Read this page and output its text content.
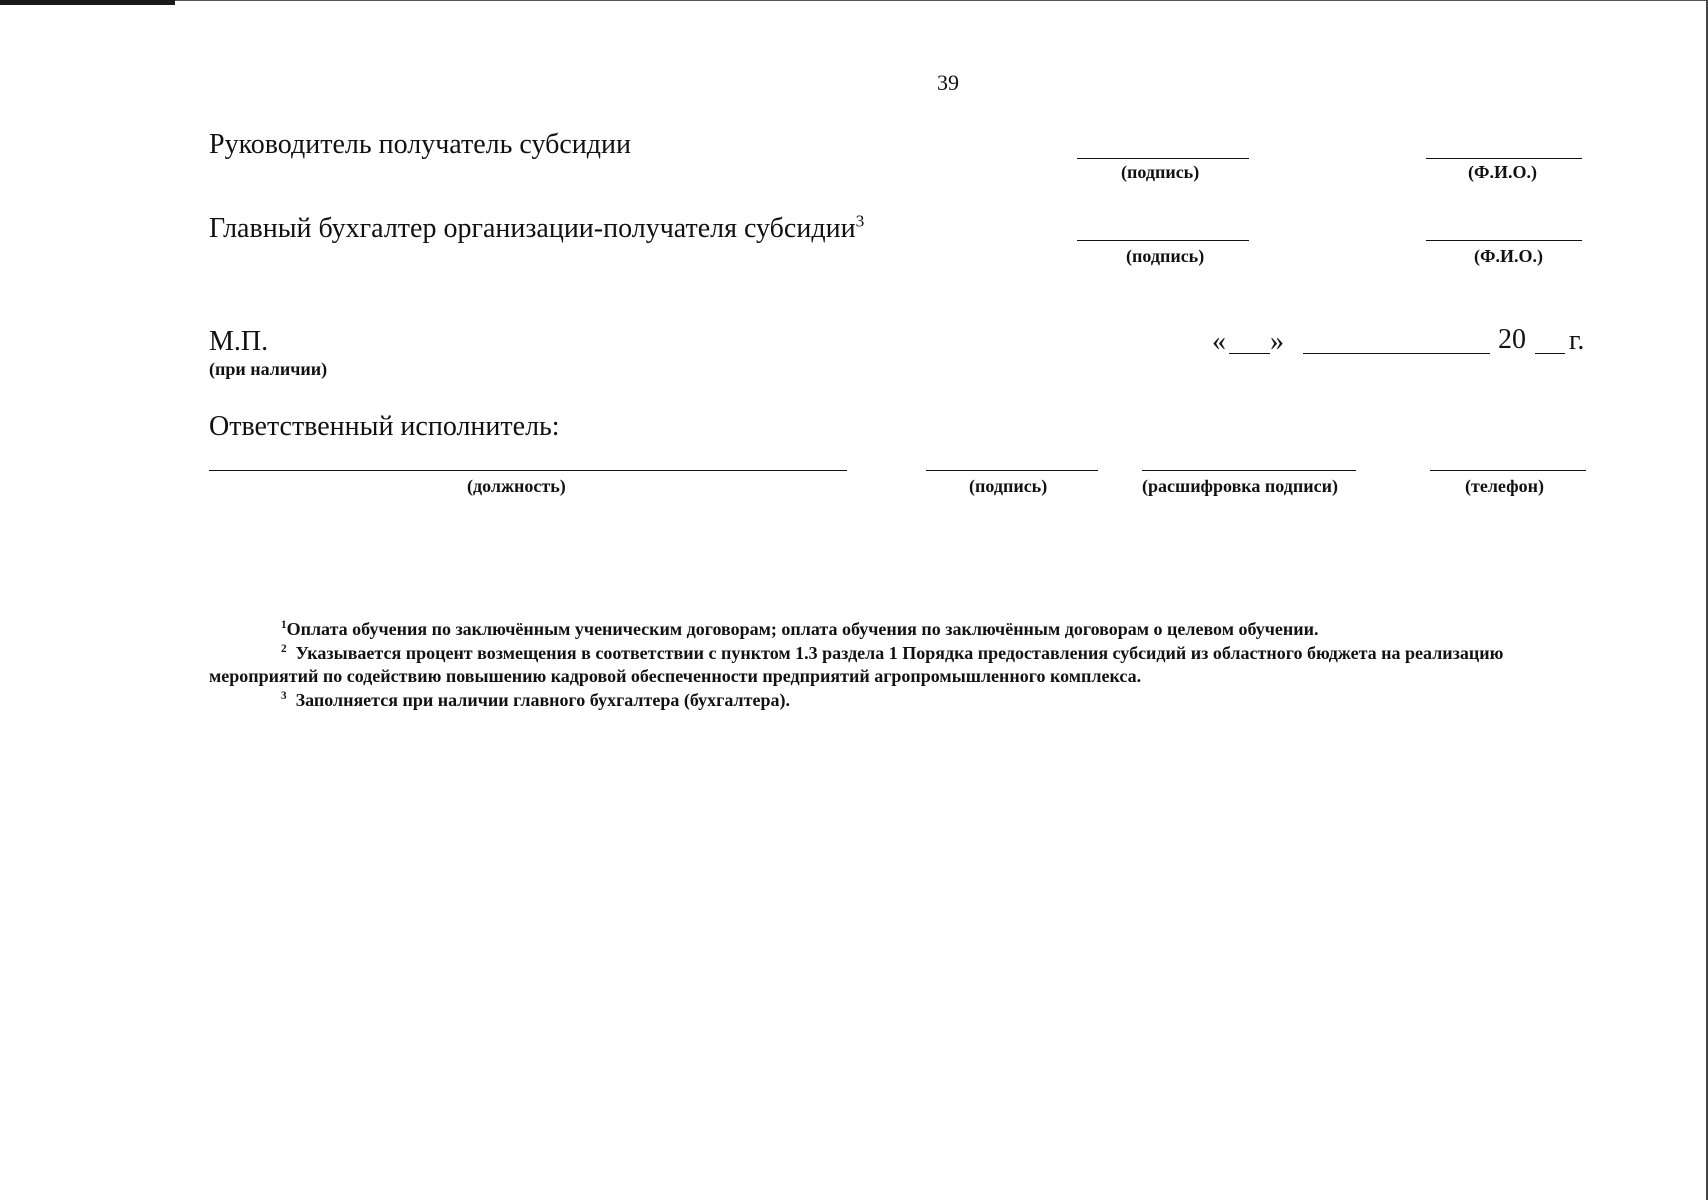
39
Руководитель получатель субсидии
(подпись)	(Ф.И.О.)
Главный бухгалтер организации-получателя субсидии$^3$
(подпись)	(Ф.И.О.)
М.П.
(при наличии)
« »	20 г.
Ответственный исполнитель:
(должность)	(подпись)	(расшифровка подписи)	(телефон)
$^1$Оплата обучения по заключённым ученическим договорам; оплата обучения по заключённым договорам о целевом обучении.
$^2$ Указывается процент возмещения в соответствии с пунктом 1.3 раздела 1 Порядка предоставления субсидий из областного бюджета на реализацию
мероприятий по содействию повышению кадровой обеспеченности предприятий агропромышленного комплекса.
$^3$ Заполняется при наличии главного бухгалтера (бухгалтера).
